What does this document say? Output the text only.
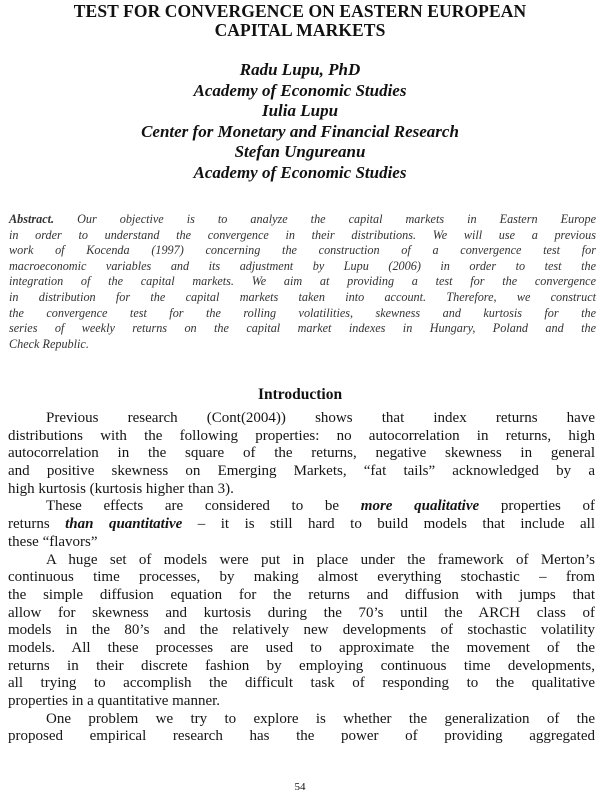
TEST FOR CONVERGENCE ON EASTERN EUROPEAN
CAPITAL MARKETS
Radu Lupu, PhD
Academy of Economic Studies
Iulia Lupu
Center for Monetary and Financial Research
Stefan Ungureanu
Academy of Economic Studies
Abstract. Our objective is to analyze the capital markets in Eastern Europe
in order to understand the convergence in their distributions. We will use a previous
work of Kocenda (1997) concerning the construction of a convergence test for
macroeconomic variables and its adjustment by Lupu (2006) in order to test the
integration of the capital markets. We aim at providing a test for the convergence
in distribution for the capital markets taken into account. Therefore, we construct
the convergence test for the rolling volatilities, skewness and kurtosis for the
series of weekly returns on the capital market indexes in Hungary, Poland and the
Check Republic.
Introduction
Previous research (Cont(2004)) shows that index returns have
distributions with the following properties: no autocorrelation in returns, high
autocorrelation in the square of the returns, negative skewness in general
and positive skewness on Emerging Markets, “fat tails” acknowledged by a
high kurtosis (kurtosis higher than 3).
These effects are considered to be more qualitative properties of
returns than quantitative – it is still hard to build models that include all
these “flavors”
A huge set of models were put in place under the framework of Merton’s
continuous time processes, by making almost everything stochastic – from
the simple diffusion equation for the returns and diffusion with jumps that
allow for skewness and kurtosis during the 70’s until the ARCH class of
models in the 80’s and the relatively new developments of stochastic volatility
models. All these processes are used to approximate the movement of the
returns in their discrete fashion by employing continuous time developments,
all trying to accomplish the difficult task of responding to the qualitative
properties in a quantitative manner.
One problem we try to explore is whether the generalization of the
proposed empirical research has the power of providing aggregated
54
